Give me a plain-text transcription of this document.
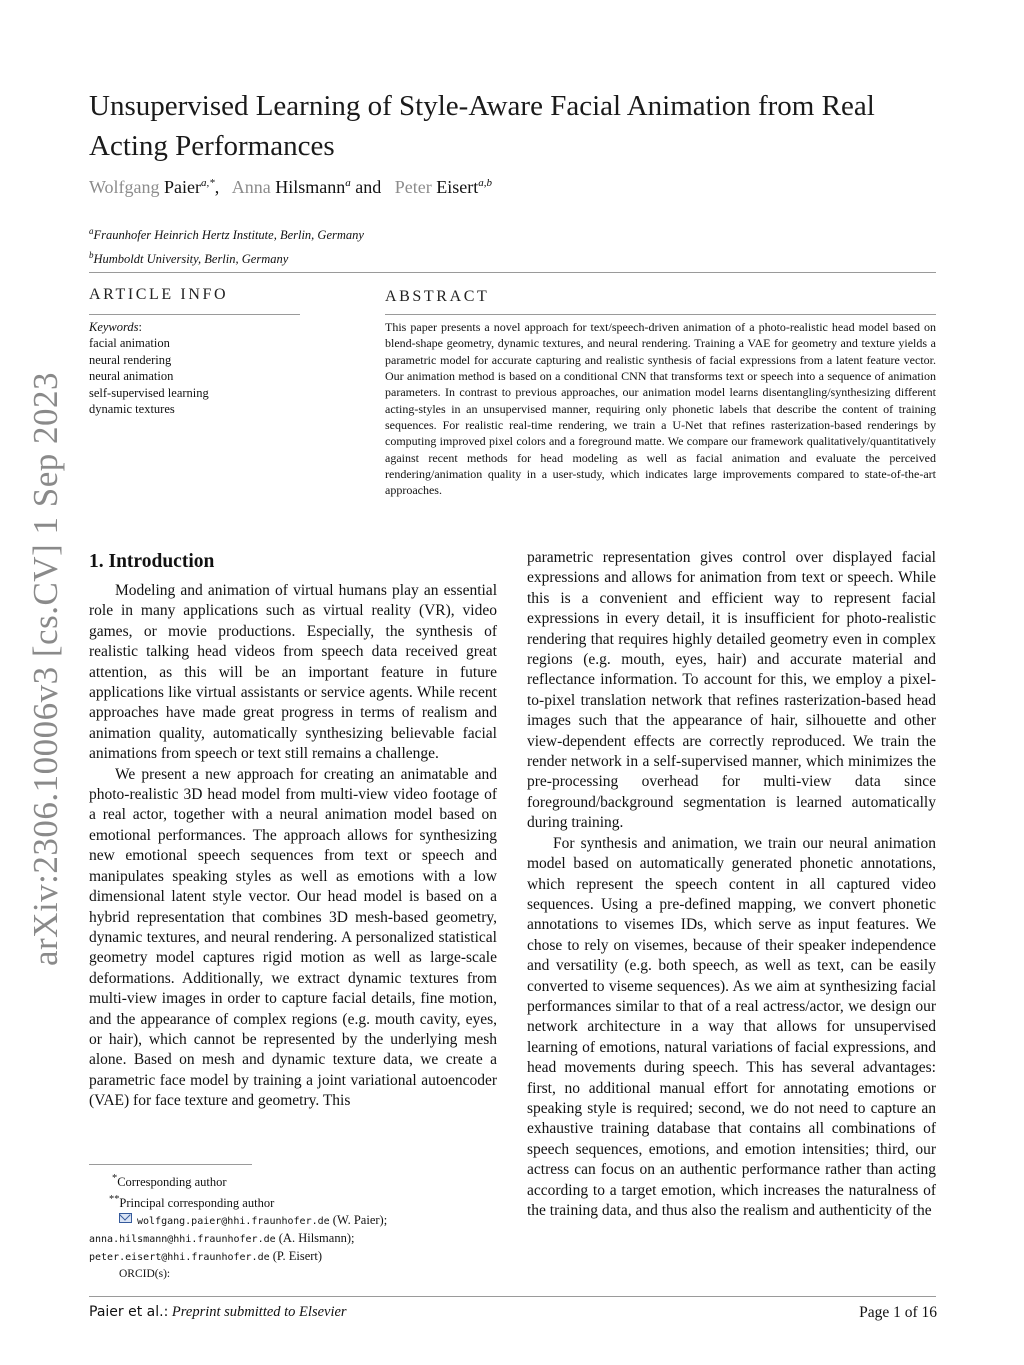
arXiv:2306.10006v3 [cs.CV] 1 Sep 2023
Unsupervised Learning of Style-Aware Facial Animation from Real Acting Performances
Wolfgang Paier$^{a,*}$,   Anna Hilsmann$^a$ and   Peter Eisert$^{a,b}$
$^a$Fraunhofer Heinrich Hertz Institute, Berlin, Germany
$^b$Humboldt University, Berlin, Germany
ARTICLE INFO	ABSTRACT
Keywords:
facial animation
neural rendering
neural animation
self-supervised learning
dynamic textures
This paper presents a novel approach for text/speech-driven animation of a photo-realistic head model based on blend-shape geometry, dynamic textures, and neural rendering. Training a VAE for geometry and texture yields a parametric model for accurate capturing and realistic synthesis of facial expressions from a latent feature vector. Our animation method is based on a conditional CNN that transforms text or speech into a sequence of animation parameters. In contrast to previous approaches, our animation model learns disentangling/synthesizing different acting-styles in an unsupervised manner, requiring only phonetic labels that describe the content of training sequences. For realistic real-time rendering, we train a U-Net that refines rasterization-based renderings by computing improved pixel colors and a foreground matte. We compare our framework qualitatively/quantitatively against recent methods for head modeling as well as facial animation and evaluate the perceived rendering/animation quality in a user-study, which indicates large improvements compared to state-of-the-art approaches.
1. Introduction

Modeling and animation of virtual humans play an essential role in many applications such as virtual reality (VR), video games, or movie productions. Especially, the synthesis of realistic talking head videos from speech data received great attention, as this will be an important feature in future applications like virtual assistants or service agents. While recent approaches have made great progress in terms of realism and animation quality, automatically synthesizing believable facial animations from speech or text still remains a challenge.

We present a new approach for creating an animatable and photo-realistic 3D head model from multi-view video footage of a real actor, together with a neural animation model based on emotional performances. The approach allows for synthesizing new emotional speech sequences from text or speech and manipulates speaking styles as well as emotions with a low dimensional latent style vector. Our head model is based on a hybrid representation that combines 3D mesh-based geometry, dynamic textures, and neural rendering. A personalized statistical geometry model captures rigid motion as well as large-scale deformations. Additionally, we extract dynamic textures from multi-view images in order to capture facial details, fine motion, and the appearance of complex regions (e.g. mouth cavity, eyes, or hair), which cannot be represented by the underlying mesh alone. Based on mesh and dynamic texture data, we create a parametric face model by training a joint variational autoencoder (VAE) for face texture and geometry. This

parametric representation gives control over displayed facial expressions and allows for animation from text or speech. While this is a convenient and efficient way to represent facial expressions in every detail, it is insufficient for photo-realistic rendering that requires highly detailed geometry even in complex regions (e.g. mouth, eyes, hair) and accurate material and reflectance information. To account for this, we employ a pixel-to-pixel translation network that refines rasterization-based head images such that the appearance of hair, silhouette and other view-dependent effects are correctly reproduced. We train the render network in a self-supervised manner, which minimizes the pre-processing overhead for multi-view data since foreground/background segmentation is learned automatically during training.

For synthesis and animation, we train our neural animation model based on automatically generated phonetic annotations, which represent the speech content in all captured video sequences. Using a pre-defined mapping, we convert phonetic annotations to visemes IDs, which serve as input features. We chose to rely on visemes, because of their speaker independence and versatility (e.g. both speech, as well as text, can be easily converted to viseme sequences). As we aim at synthesizing facial performances similar to that of a real actress/actor, we design our network architecture in a way that allows for unsupervised learning of emotions, natural variations of facial expressions, and head movements during speech. This has several advantages: first, no additional manual effort for annotating emotions or speaking style is required; second, we do not need to capture an exhaustive training database that contains all combinations of speech sequences, emotions, and emotion intensities; third, our actress can focus on an authentic performance rather than acting according to a target emotion, which increases the naturalness of the training data, and thus also the realism and authenticity of the

*Corresponding author
**Principal corresponding author
wolfgang.paier@hhi.fraunhofer.de (W. Paier);
anna.hilsmann@hhi.fraunhofer.de (A. Hilsmann);
peter.eisert@hhi.fraunhofer.de (P. Eisert)
ORCID(s):
Paier et al.: Preprint submitted to Elsevier	Page 1 of 16
